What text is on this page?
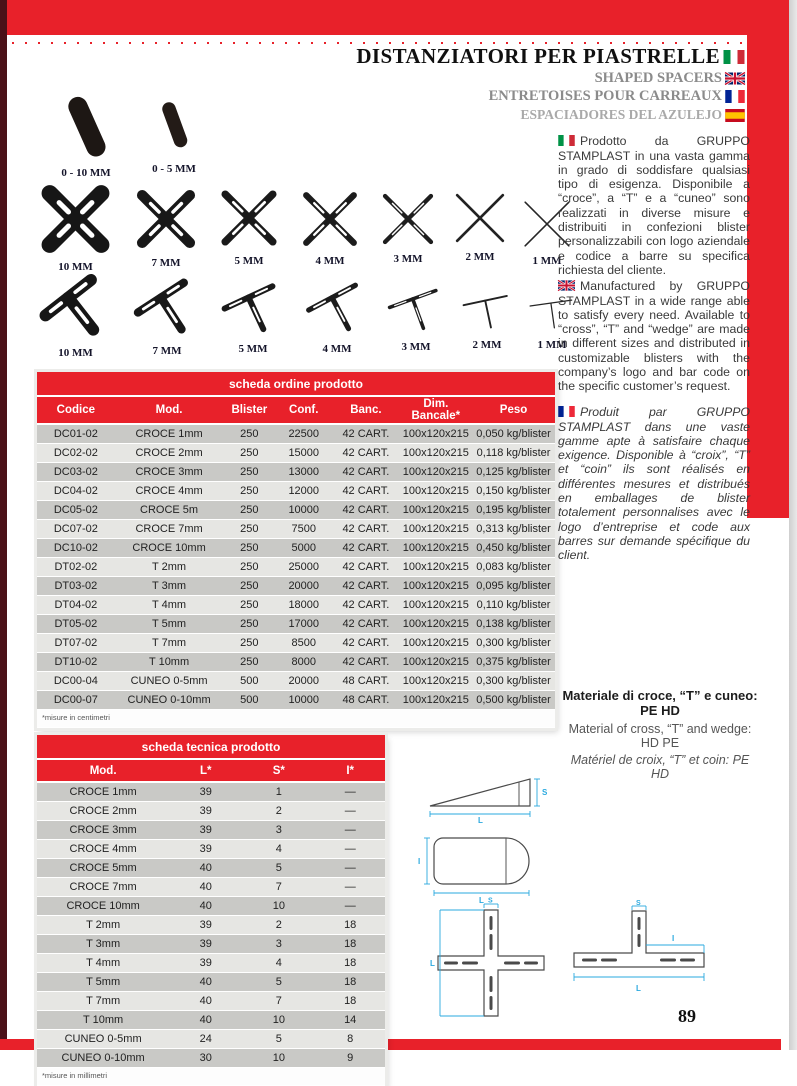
DISTANZIATORI PER PIASTRELLE
SHAPED SPACERS
ENTRETOISES POUR CARREAUX
ESPACIADORES DEL AZULEJO
0 - 10 MM	0 - 5 MM
10 MM	7 MM	5 MM	4 MM	3 MM	2 MM	1 MM
10 MM	7 MM	5 MM	4 MM	3 MM	2 MM	1 MM

Prodotto da GRUPPO STAMPLAST in una vasta gamma in grado di soddisfare qualsiasi tipo di esigenza. Disponibile a “croce”, a “T” e a “cuneo” sono realizzati in diverse misure e distribuiti in confezioni blister personalizzabili con logo aziendale e codice a barre su specifica richiesta del cliente.

Manufactured by GRUPPO STAMPLAST in a wide range able to satisfy every need. Available to “cross”, “T” and “wedge” are made in different sizes and distributed in customizable blisters with the company’s logo and bar code on the specific customer’s request.

Produit par GRUPPO STAMPLAST dans une vaste gamme apte à satisfaire chaque exigence. Disponible à “croix”, “T” et “coin” ils sont réalisés en différentes mesures et distribués en emballages de blister totalement personnalises avec le logo d’entreprise et code aux barres sur demande spécifique du client.

scheda ordine prodotto						
Codice	Mod.	Blister	Conf.	Banc.	Dim. Bancale*	Peso
DC01-02	CROCE 1mm	250	22500	42 CART.	100x120x215	0,050 kg/blister
DC02-02	CROCE 2mm	250	15000	42 CART.	100x120x215	0,118 kg/blister
DC03-02	CROCE 3mm	250	13000	42 CART.	100x120x215	0,125 kg/blister
DC04-02	CROCE 4mm	250	12000	42 CART.	100x120x215	0,150 kg/blister
DC05-02	CROCE 5m	250	10000	42 CART.	100x120x215	0,195 kg/blister
DC07-02	CROCE 7mm	250	7500	42 CART.	100x120x215	0,313 kg/blister
DC10-02	CROCE 10mm	250	5000	42 CART.	100x120x215	0,450 kg/blister
DT02-02	T 2mm	250	25000	42 CART.	100x120x215	0,083 kg/blister
DT03-02	T 3mm	250	20000	42 CART.	100x120x215	0,095 kg/blister
DT04-02	T 4mm	250	18000	42 CART.	100x120x215	0,110 kg/blister
DT05-02	T 5mm	250	17000	42 CART.	100x120x215	0,138 kg/blister
DT07-02	T 7mm	250	8500	42 CART.	100x120x215	0,300 kg/blister
DT10-02	T 10mm	250	8000	42 CART.	100x120x215	0,375 kg/blister
DC00-04	CUNEO 0-5mm	500	20000	48 CART.	100x120x215	0,300 kg/blister
DC00-07	CUNEO 0-10mm	500	10000	48 CART.	100x120x215	0,500 kg/blister
*misure in centimetri						
Materiale di croce, “T” e cuneo: PE HD
Material of cross, “T” and wedge: HD PE
Matériel de croix, “T” et coin: PE HD
scheda tecnica prodotto			
Mod.	L*	S*	I*
CROCE 1mm	39	1	—
CROCE 2mm	39	2	—
CROCE 3mm	39	3	—
CROCE 4mm	39	4	—
CROCE 5mm	40	5	—
CROCE 7mm	40	7	—
CROCE 10mm	40	10	—
T 2mm	39	2	18
T 3mm	39	3	18
T 4mm	39	4	18
T 5mm	40	5	18
T 7mm	40	7	18
T 10mm	40	10	14
CUNEO 0-5mm	24	5	8
CUNEO 0-10mm	30	10	9
*misure in millimetri			
L
S
I
L
L
S	S
I
L
89
